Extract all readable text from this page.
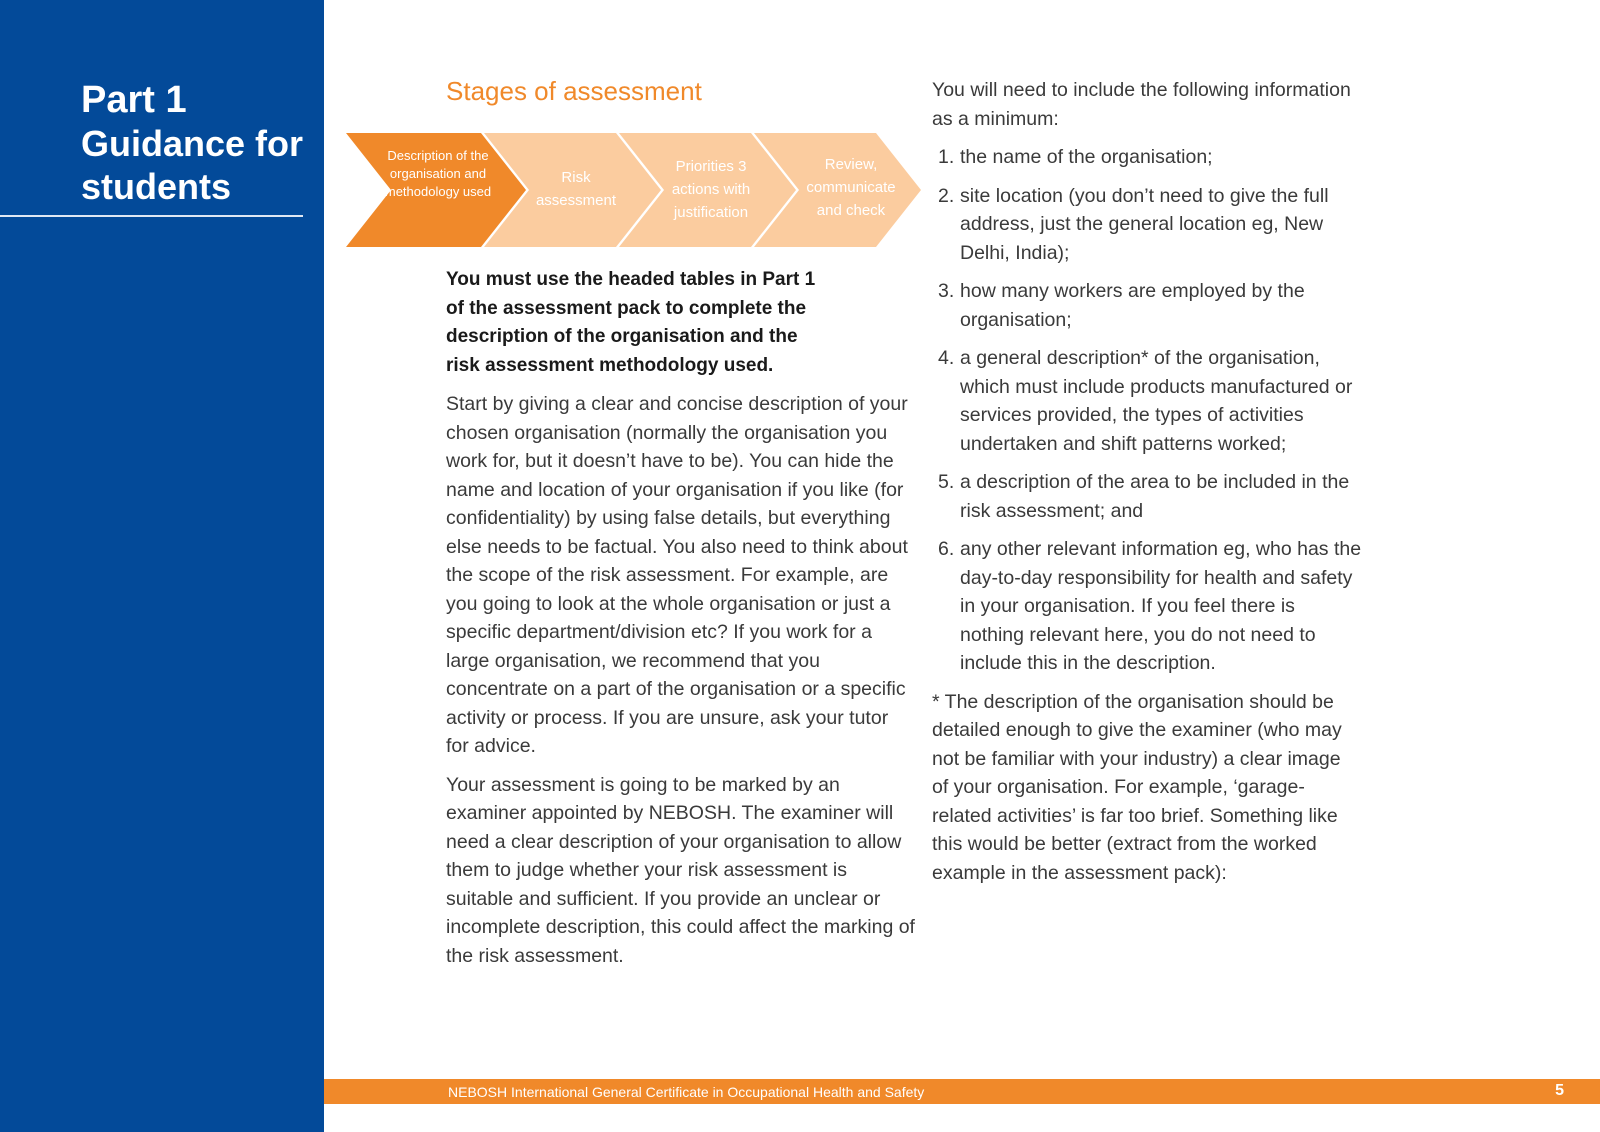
Part 1
Guidance for students
Stages of assessment
Description of the organisation and methodology used
Risk assessment
Priorities 3 actions with justification
Review, communicate and check

You must use the headed tables in Part 1 of the assessment pack to complete the description of the organisation and the risk assessment methodology used.

Start by giving a clear and concise description of your chosen organisation (normally the organisation you work for, but it doesn’t have to be). You can hide the name and location of your organisation if you like (for confidentiality) by using false details, but everything else needs to be factual. You also need to think about the scope of the risk assessment. For example, are you going to look at the whole organisation or just a specific department/division etc? If you work for a large organisation, we recommend that you concentrate on a part of the organisation or a specific activity or process. If you are unsure, ask your tutor for advice.

Your assessment is going to be marked by an examiner appointed by NEBOSH. The examiner will need a clear description of your organisation to allow them to judge whether your risk assessment is suitable and sufficient. If you provide an unclear or incomplete description, this could affect the marking of the risk assessment.

You will need to include the following information as a minimum:

1. the name of the organisation;
2. site location (you don’t need to give the full address, just the general location eg, New Delhi, India);
3. how many workers are employed by the organisation;
4. a general description* of the organisation, which must include products manufactured or services provided, the types of activities undertaken and shift patterns worked;
5. a description of the area to be included in the risk assessment; and
6. any other relevant information eg, who has the day-to-day responsibility for health and safety in your organisation. If you feel there is nothing relevant here, you do not need to include this in the description.

* The description of the organisation should be detailed enough to give the examiner (who may not be familiar with your industry) a clear image of your organisation. For example, ‘garage-related activities’ is far too brief. Something like this would be better (extract from the worked example in the assessment pack):

NEBOSH International General Certificate in Occupational Health and Safety	5
